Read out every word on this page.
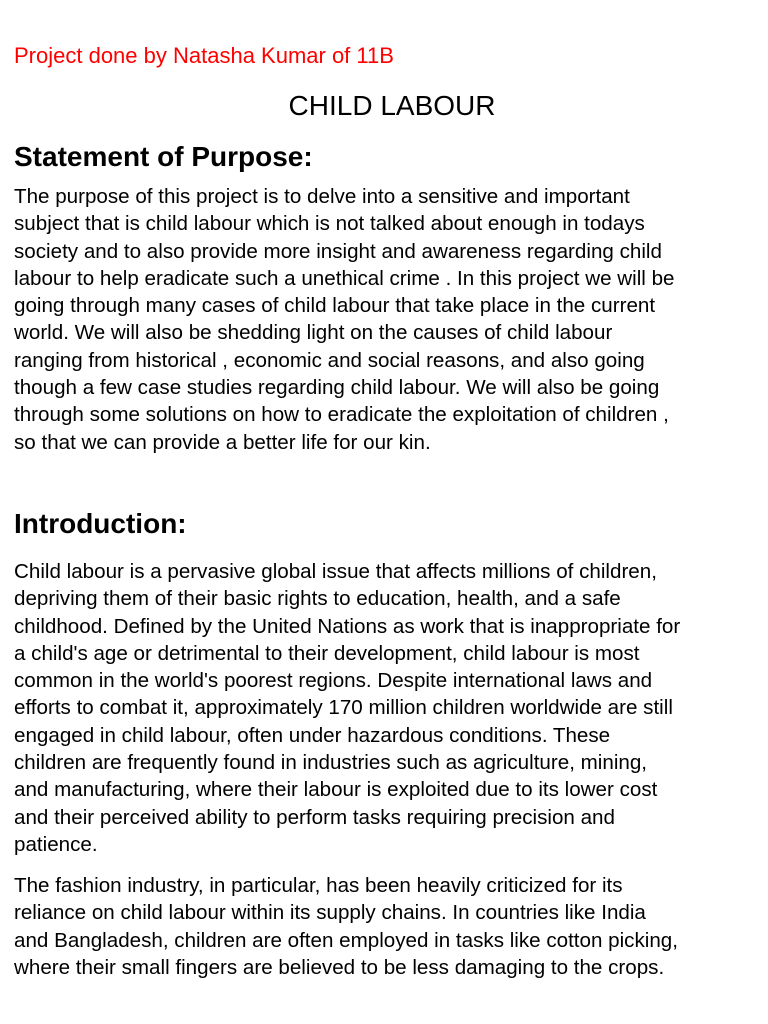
Project done by Natasha Kumar of 11B
CHILD LABOUR
Statement of Purpose:
The purpose of this project is to delve into a sensitive and important
subject that is child labour which is not talked about enough in todays
society and to also provide more insight and awareness regarding child
labour to help eradicate such a unethical crime . In this project we will be
going through many cases of child labour that take place in the current
world. We will also be shedding light on the causes of child labour
ranging from historical , economic and social reasons, and also going
though a few case studies regarding child labour. We will also be going
through some solutions on how to eradicate the exploitation of children ,
so that we can provide a better life for our kin.
Introduction:
Child labour is a pervasive global issue that affects millions of children,
depriving them of their basic rights to education, health, and a safe
childhood. Defined by the United Nations as work that is inappropriate for
a child's age or detrimental to their development, child labour is most
common in the world's poorest regions. Despite international laws and
efforts to combat it, approximately 170 million children worldwide are still
engaged in child labour, often under hazardous conditions. These
children are frequently found in industries such as agriculture, mining,
and manufacturing, where their labour is exploited due to its lower cost
and their perceived ability to perform tasks requiring precision and
patience.
The fashion industry, in particular, has been heavily criticized for its
reliance on child labour within its supply chains. In countries like India
and Bangladesh, children are often employed in tasks like cotton picking,
where their small fingers are believed to be less damaging to the crops.
